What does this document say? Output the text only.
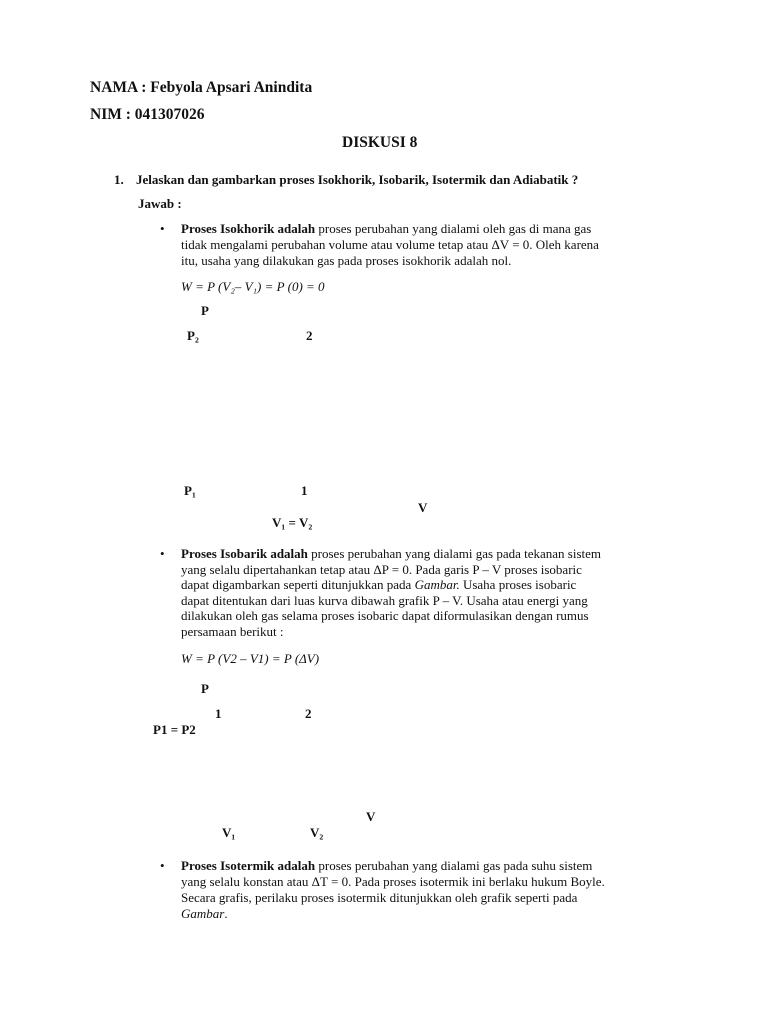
NAMA : Febyola Apsari Anindita
NIM : 041307026
DISKUSI 8
1. Jelaskan dan gambarkan proses Isokhorik, Isobarik, Isotermik dan Adiabatik ?
Jawab :
• Proses Isokhorik adalah proses perubahan yang dialami oleh gas di mana gas
tidak mengalami perubahan volume atau volume tetap atau ΔV = 0. Oleh karena
itu, usaha yang dilakukan gas pada proses isokhorik adalah nol.
W = P (V₂– V₁) = P (0) = 0
P
P₂	2
P₁	1
V
V₁ = V₂
• Proses Isobarik adalah proses perubahan yang dialami gas pada tekanan sistem
yang selalu dipertahankan tetap atau ΔP = 0. Pada garis P – V proses isobaric
dapat digambarkan seperti ditunjukkan pada Gambar. Usaha proses isobaric
dapat ditentukan dari luas kurva dibawah grafik P – V. Usaha atau energi yang
dilakukan oleh gas selama proses isobaric dapat diformulasikan dengan rumus
persamaan berikut :
W = P (V2 – V1) = P (ΔV)
P
1	2
P1 = P2
V
V₁	V₂
• Proses Isotermik adalah proses perubahan yang dialami gas pada suhu sistem
yang selalu konstan atau ΔT = 0. Pada proses isotermik ini berlaku hukum Boyle.
Secara grafis, perilaku proses isotermik ditunjukkan oleh grafik seperti pada
Gambar.
